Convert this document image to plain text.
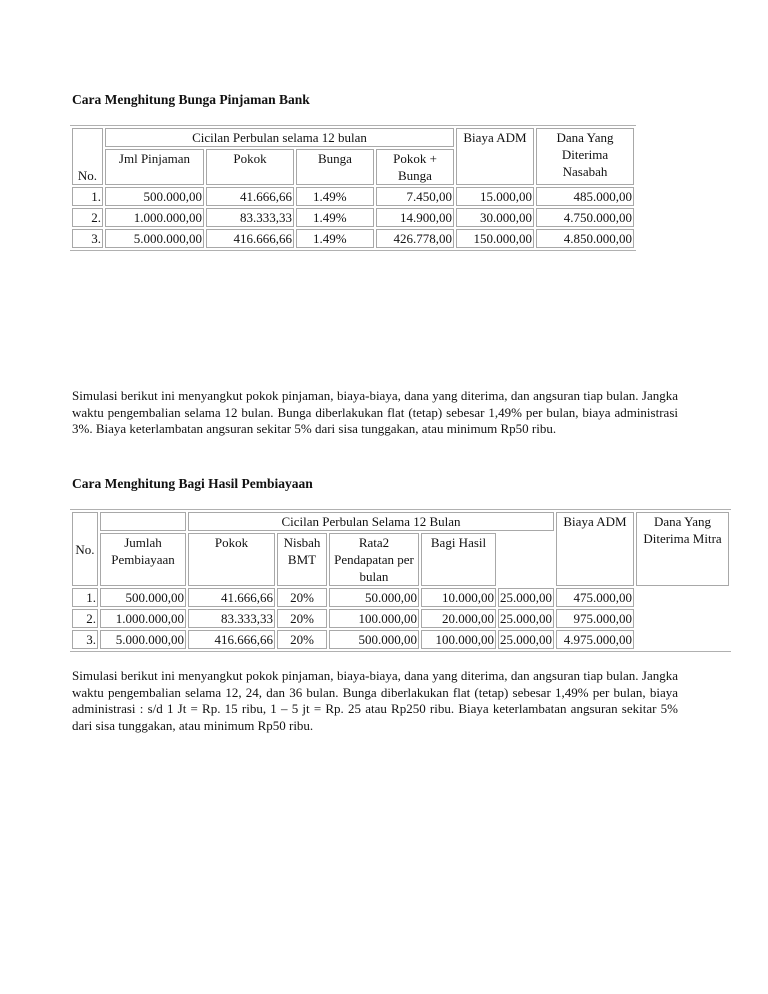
Cara Menghitung Bunga Pinjaman Bank
No.	Cicilan Perbulan selama 12 bulan				Biaya ADM	Dana Yang Diterima Nasabah
	Jml Pinjaman	Pokok	Bunga	Pokok + Bunga		
1.	500.000,00	41.666,66	1.49%	7.450,00	15.000,00	485.000,00
2.	1.000.000,00	83.333,33	1.49%	14.900,00	30.000,00	4.750.000,00
3.	5.000.000,00	416.666,66	1.49%	426.778,00	150.000,00	4.850.000,00

Simulasi berikut ini menyangkut pokok pinjaman, biaya-biaya, dana yang diterima, dan angsuran tiap bulan. Jangka waktu pengembalian selama 12 bulan. Bunga diberlakukan flat (tetap) sebesar 1,49% per bulan, biaya administrasi 3%. Biaya keterlambatan angsuran sekitar 5% dari sisa tunggakan, atau minimum Rp50 ribu.

Cara Menghitung Bagi Hasil Pembiayaan
No.		Cicilan Perbulan Selama 12 Bulan					Biaya ADM	Dana Yang Diterima Mitra
	Jumlah Pembiayaan	Pokok	Nisbah BMT	Rata2 Pendapatan per bulan	Bagi Hasil			
1.	500.000,00	41.666,66	20%	50.000,00	10.000,00	25.000,00	475.000,00	
2.	1.000.000,00	83.333,33	20%	100.000,00	20.000,00	25.000,00	975.000,00	
3.	5.000.000,00	416.666,66	20%	500.000,00	100.000,00	25.000,00	4.975.000,00	

Simulasi berikut ini menyangkut pokok pinjaman, biaya-biaya, dana yang diterima, dan angsuran tiap bulan. Jangka waktu pengembalian selama 12, 24, dan 36 bulan. Bunga diberlakukan flat (tetap) sebesar 1,49% per bulan, biaya administrasi : s/d 1 Jt = Rp. 15 ribu, 1 – 5 jt = Rp. 25 atau Rp250 ribu. Biaya keterlambatan angsuran sekitar 5% dari sisa tunggakan, atau minimum Rp50 ribu.
